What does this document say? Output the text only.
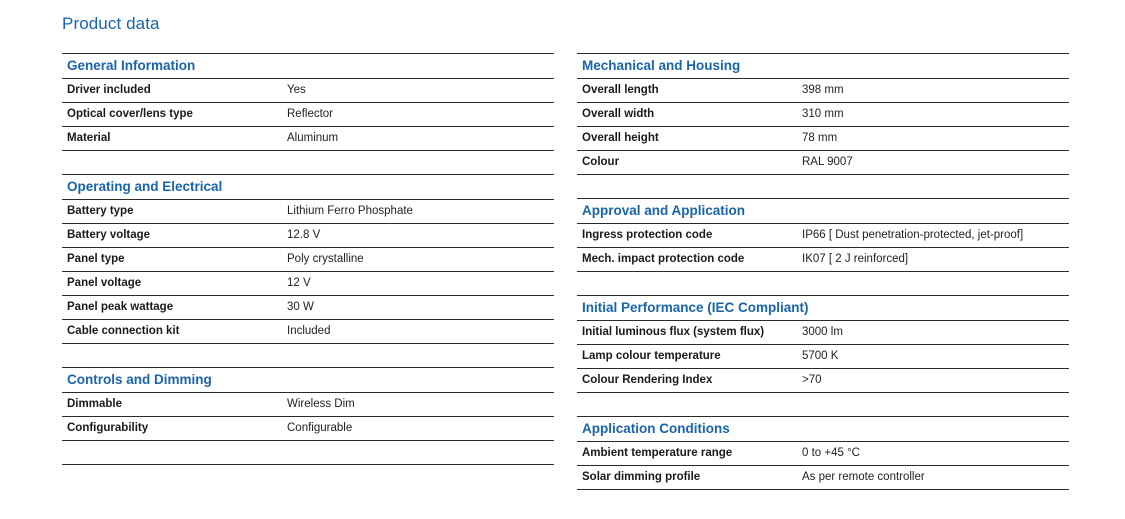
Product data
General Information
Driver included	Yes
Optical cover/lens type	Reflector
Material	Aluminum
Operating and Electrical
Battery type	Lithium Ferro Phosphate
Battery voltage	12.8 V
Panel type	Poly crystalline
Panel voltage	12 V
Panel peak wattage	30 W
Cable connection kit	Included
Controls and Dimming
Dimmable	Wireless Dim
Configurability	Configurable
Mechanical and Housing
Overall length	398 mm
Overall width	310 mm
Overall height	78 mm
Colour	RAL 9007
Approval and Application
Ingress protection code	IP66 [ Dust penetration-protected, jet-proof]
Mech. impact protection code	IK07 [ 2 J reinforced]
Initial Performance (IEC Compliant)
Initial luminous flux (system flux)	3000 lm
Lamp colour temperature	5700 K
Colour Rendering Index	>70
Application Conditions
Ambient temperature range	0 to +45 °C
Solar dimming profile	As per remote controller
